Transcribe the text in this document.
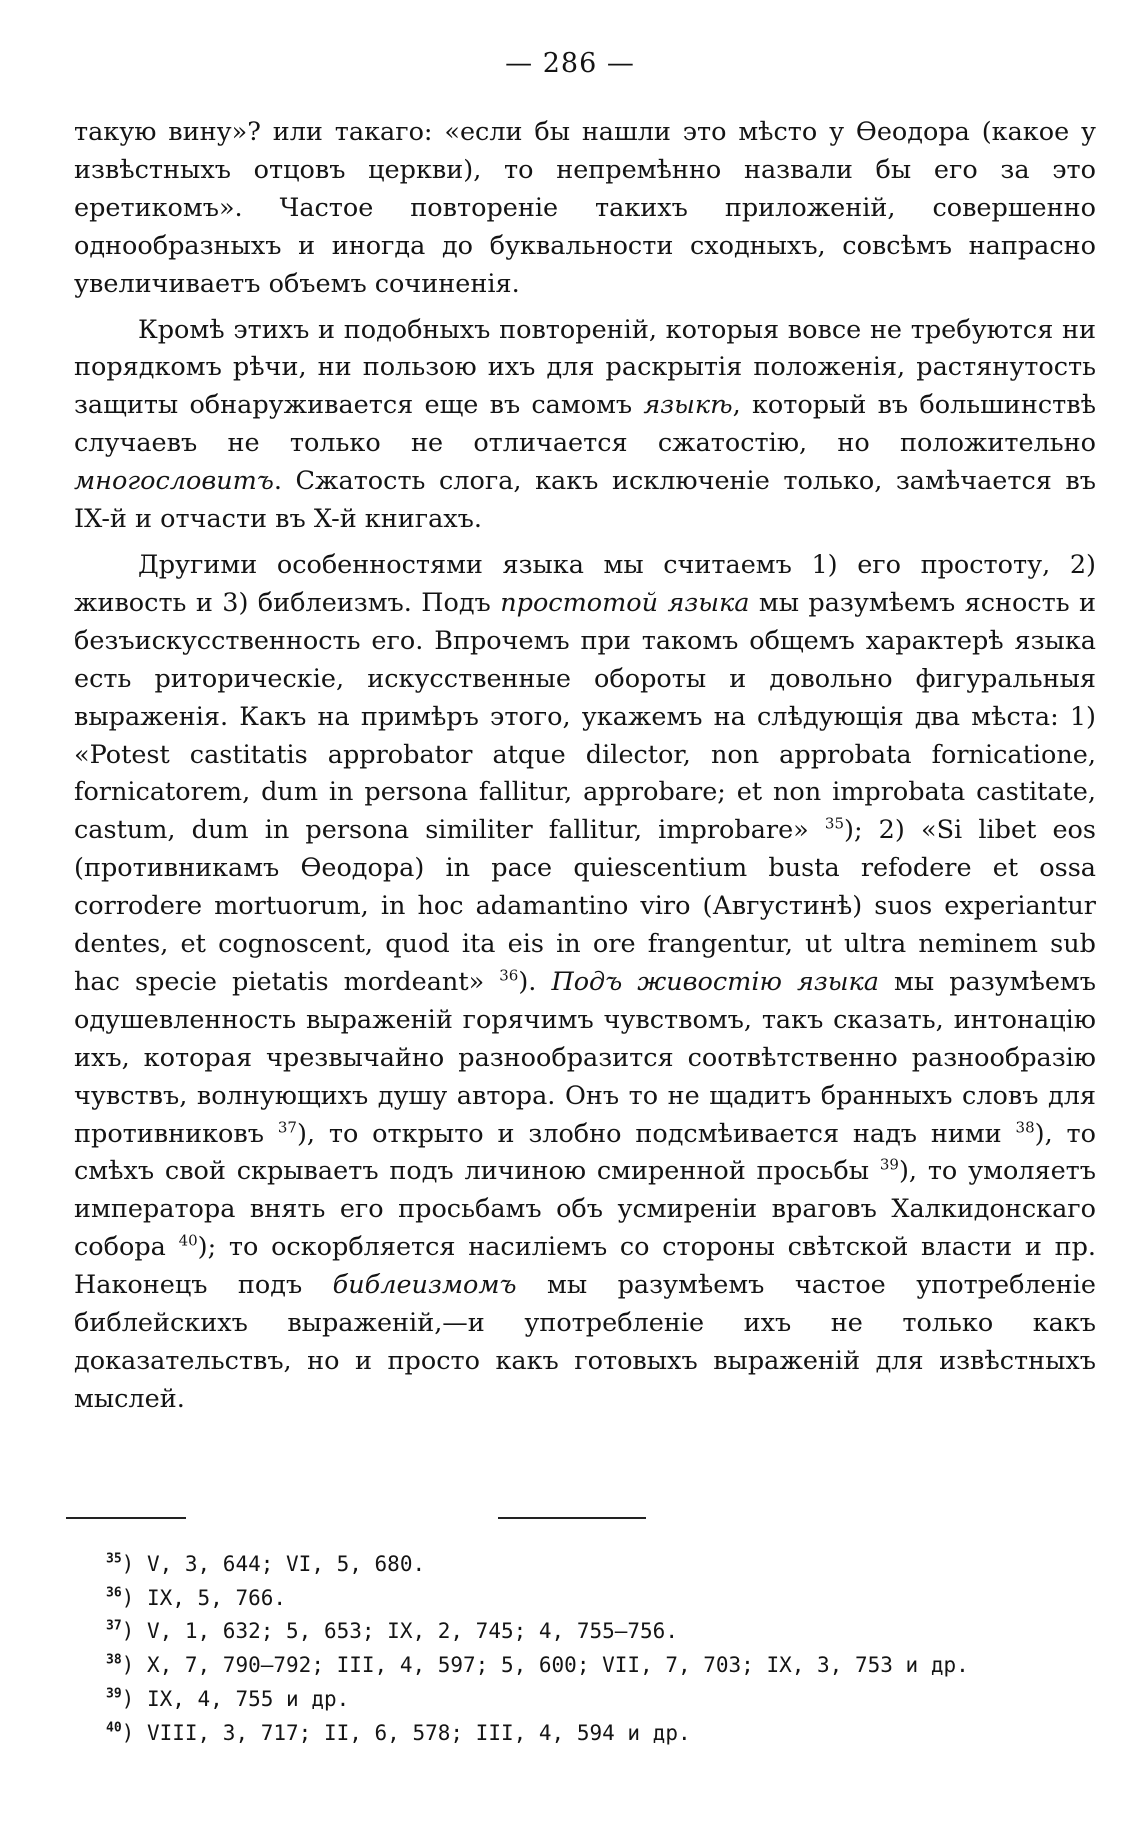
— 286 —

такую вину»? или такаго: «если бы нашли это мѣсто у Ѳеодора (какое у извѣстныхъ отцовъ церкви), то непремѣнно назвали бы его за это еретикомъ». Частое повтореніе такихъ приложеній, совершенно однообразныхъ и иногда до буквальности сходныхъ, совсѣмъ напрасно увеличиваетъ объемъ сочиненія.

Кромѣ этихъ и подобныхъ повтореній, которыя вовсе не требуются ни порядкомъ рѣчи, ни пользою ихъ для раскрытія положенія, растянутость защиты обнаруживается еще въ самомъ языкѣ, который въ большинствѣ случаевъ не только не отличается сжатостію, но положительно многословитъ. Сжатость слога, какъ исключеніе только, замѣчается въ IX-й и отчасти въ X-й книгахъ.

Другими особенностями языка мы считаемъ 1) его простоту, 2) живость и 3) библеизмъ. Подъ простотой языка мы разумѣемъ ясность и безъискусственность его. Впрочемъ при такомъ общемъ характерѣ языка есть риторическіе, искусственные обороты и довольно фигуральныя выраженія. Какъ на примѣръ этого, укажемъ на слѣдующія два мѣста: 1) «Potest castitatis approbator atque dilector, non approbata fornicatione, fornicatorem, dum in persona fallitur, approbare; et non improbata castitate, castum, dum in persona similiter fallitur, improbare» $^{35}$); 2) «Si libet eos (противникамъ Ѳеодора) in pace quiescentium busta refodere et ossa corrodere mortuorum, in hoc adamantino viro (Августинѣ) suos experiantur dentes, et cognoscent, quod ita eis in ore frangentur, ut ultra neminem sub hac specie pietatis mordeant» $^{36}$). Подъ живостію языка мы разумѣемъ одушевленность выраженій горячимъ чувствомъ, такъ сказать, интонацію ихъ, которая чрезвычайно разнообразится соотвѣтственно разнообразію чувствъ, волнующихъ душу автора. Онъ то не щадитъ бранныхъ словъ для противниковъ $^{37}$), то открыто и злобно подсмѣивается надъ ними $^{38}$), то смѣхъ свой скрываетъ подъ личиною смиренной просьбы $^{39}$), то умоляетъ императора внять его просьбамъ объ усмиреніи враговъ Халкидонскаго собора $^{40}$); то оскорбляется насиліемъ со стороны свѣтской власти и пр. Наконецъ подъ библеизмомъ мы разумѣемъ частое употребленіе библейскихъ выраженій,—и употребленіе ихъ не только какъ доказательствъ, но и просто какъ готовыхъ выраженій для извѣстныхъ мыслей.

$^{35}$) V, 3, 644; VI, 5, 680.
$^{36}$) IX, 5, 766.
$^{37}$) V, 1, 632; 5, 653; IX, 2, 745; 4, 755—756.
$^{38}$) X, 7, 790—792; III, 4, 597; 5, 600; VII, 7, 703; IX, 3, 753 и др.
$^{39}$) IX, 4, 755 и др.
$^{40}$) VIII, 3, 717; II, 6, 578; III, 4, 594 и др.
